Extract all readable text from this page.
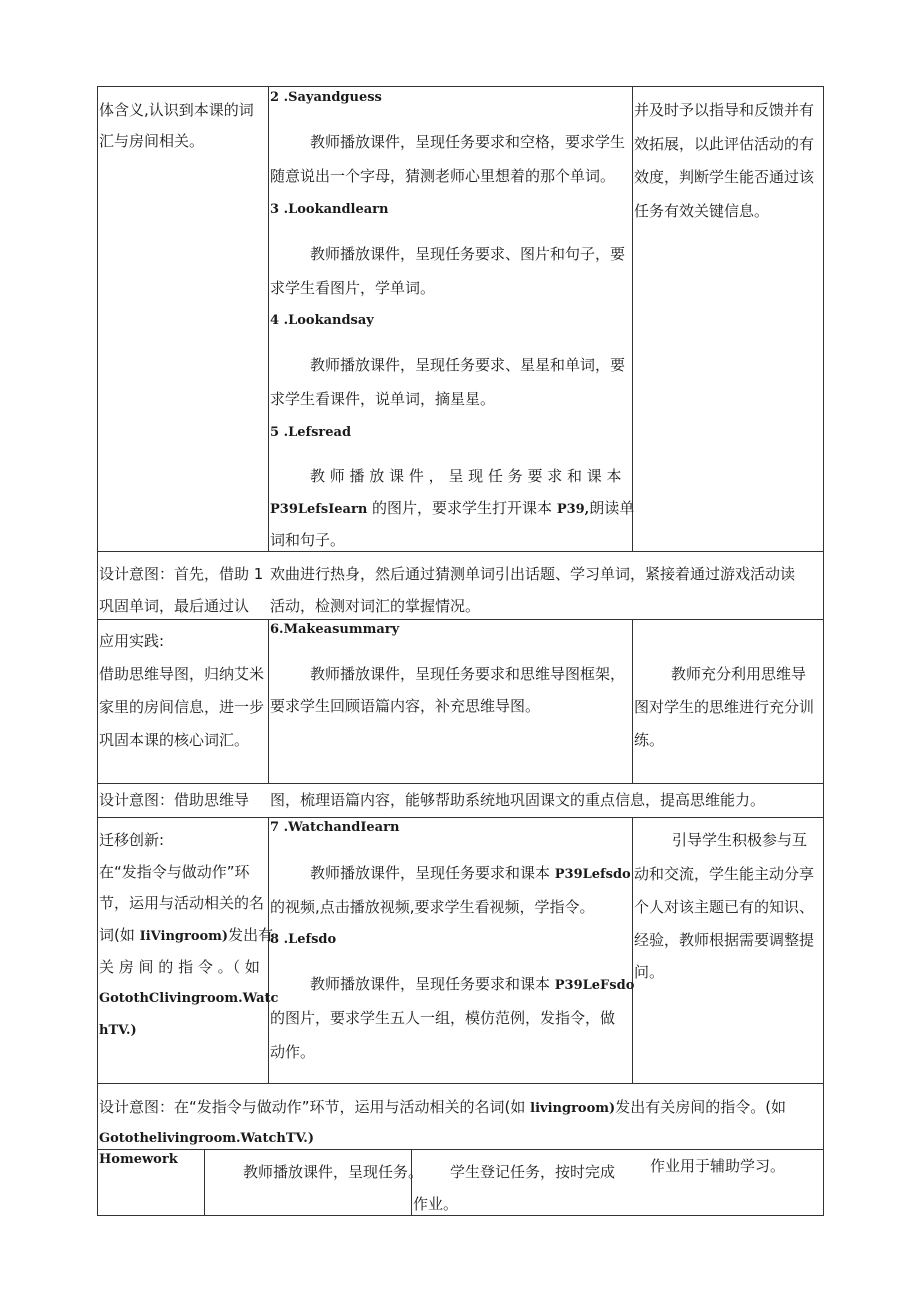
体含义,认识到本课的词
汇与房间相关。
2 .Sayandguess
教师播放课件，呈现任务要求和空格，要求学生
随意说出一个字母，猜测老师心里想着的那个单词。
3 .Lookandlearn
教师播放课件，呈现任务要求、图片和句子，要
求学生看图片，学单词。
4 .Lookandsay
教师播放课件，呈现任务要求、星星和单词，要
求学生看课件，说单词，摘星星。
5 .Lefsread
教 师 播 放 课 件 ， 呈 现 任 务 要 求 和 课 本
P39LefsIearn 的图片，要求学生打开课本 P39,朗读单
词和句子。
并及时予以指导和反馈并有
效拓展，以此评估活动的有
效度，判断学生能否通过该
任务有效关键信息。
设计意图：首先，借助 1
巩固单词，最后通过认
欢曲进行热身，然后通过猜测单词引出话题、学习单词，紧接着通过游戏活动读
活动，检测对词汇的掌握情况。
应用实践:
借助思维导图，归纳艾米
家里的房间信息，进一步
巩固本课的核心词汇。
6.Makeasummary
教师播放课件，呈现任务要求和思维导图框架，
要求学生回顾语篇内容，补充思维导图。
教师充分利用思维导
图对学生的思维进行充分训
练。
设计意图：借助思维导 图，梳理语篇内容，能够帮助系统地巩固课文的重点信息，提高思维能力。
迁移创新:
在“发指令与做动作”环
节，运用与活动相关的名
词(如 IiVingroom)发出有
关 房 间 的 指 令 。（ 如
GotothClivingroom.Watc
hTV.)
7 .WatchandIearn
教师播放课件，呈现任务要求和课本 P39Lefsdo
的视频,点击播放视频,要求学生看视频，学指令。
8 .Lefsdo
教师播放课件，呈现任务要求和课本 P39LeFsdo
的图片，要求学生五人一组，模仿范例，发指令，做
动作。
引导学生积极参与互
动和交流，学生能主动分享
个人对该主题已有的知识、
经验，教师根据需要调整提
问。
设计意图：在“发指令与做动作”环节，运用与活动相关的名词(如 livingroom)发出有关房间的指令。(如
Gotothelivingroom.WatchTV.)
Homework
教师播放课件，呈现任务。 学生登记任务，按时完成
作业。
作业用于辅助学习。
